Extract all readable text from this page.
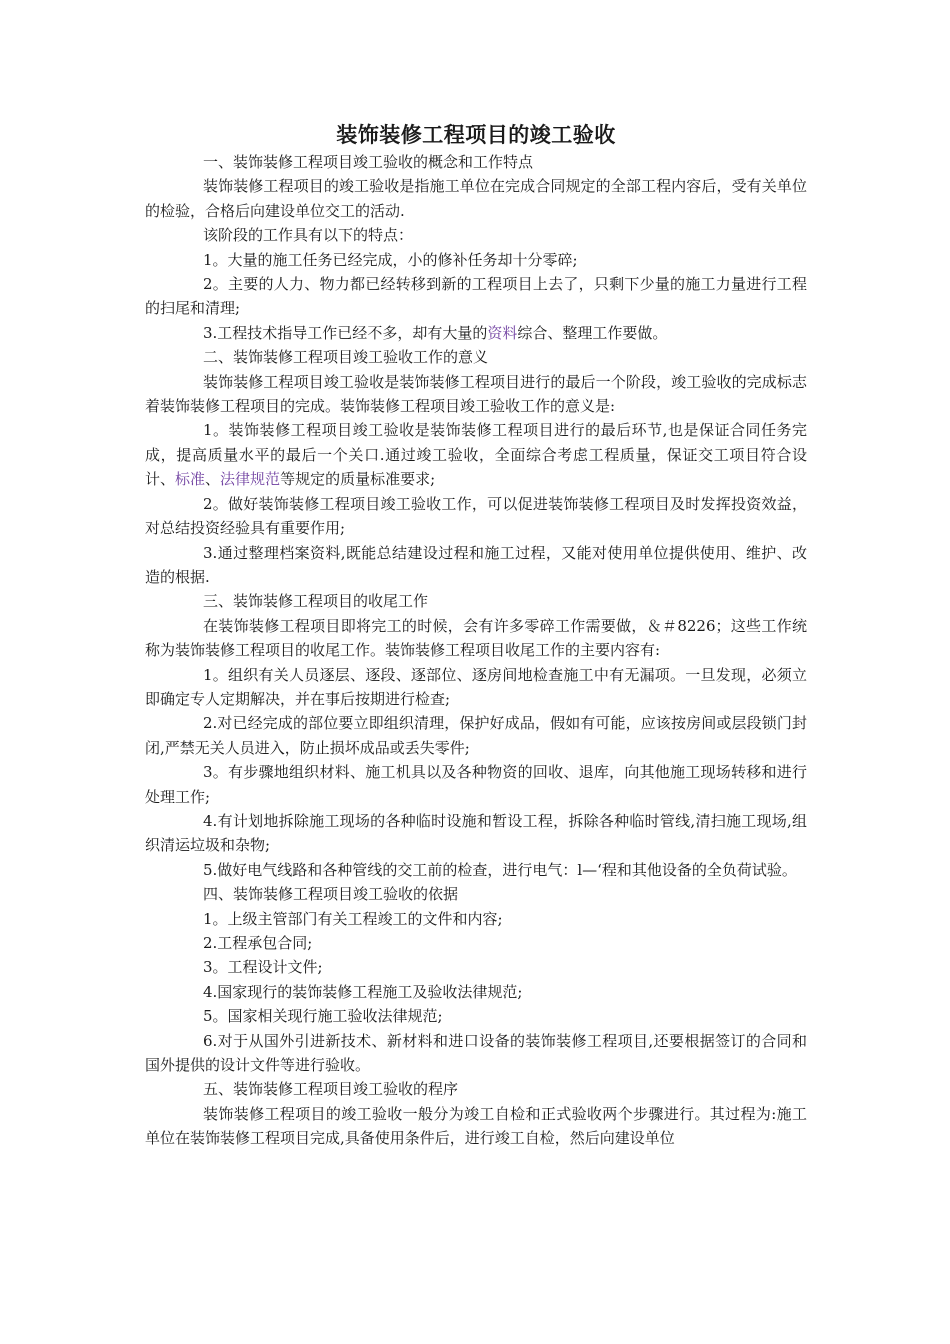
装饰装修工程项目的竣工验收

一、装饰装修工程项目竣工验收的概念和工作特点

装饰装修工程项目的竣工验收是指施工单位在完成合同规定的全部工程内容后，受有关单位的检验，合格后向建设单位交工的活动.

该阶段的工作具有以下的特点：

1。大量的施工任务已经完成，小的修补任务却十分零碎;

2。主要的人力、物力都已经转移到新的工程项目上去了，只剩下少量的施工力量进行工程的扫尾和清理;

3.工程技术指导工作已经不多，却有大量的资料综合、整理工作要做。

二、装饰装修工程项目竣工验收工作的意义

装饰装修工程项目竣工验收是装饰装修工程项目进行的最后一个阶段，竣工验收的完成标志着装饰装修工程项目的完成。装饰装修工程项目竣工验收工作的意义是:

1。装饰装修工程项目竣工验收是装饰装修工程项目进行的最后环节,也是保证合同任务完成，提高质量水平的最后一个关口.通过竣工验收，全面综合考虑工程质量，保证交工项目符合设计、标准、法律规范等规定的质量标准要求;

2。做好装饰装修工程项目竣工验收工作，可以促进装饰装修工程项目及时发挥投资效益，对总结投资经验具有重要作用;

3.通过整理档案资料,既能总结建设过程和施工过程，又能对使用单位提供使用、维护、改造的根据.

三、装饰装修工程项目的收尾工作

在装饰装修工程项目即将完工的时候，会有许多零碎工作需要做，＆＃8226；这些工作统称为装饰装修工程项目的收尾工作。装饰装修工程项目收尾工作的主要内容有:

1。组织有关人员逐层、逐段、逐部位、逐房间地检查施工中有无漏项。一旦发现，必须立即确定专人定期解决，并在事后按期进行检查;

2.对已经完成的部位要立即组织清理，保护好成品，假如有可能，应该按房间或层段锁门封闭,严禁无关人员进入，防止损坏成品或丢失零件;

3。有步骤地组织材料、施工机具以及各种物资的回收、退库，向其他施工现场转移和进行处理工作;

4.有计划地拆除施工现场的各种临时设施和暂设工程，拆除各种临时管线,清扫施工现场,组织清运垃圾和杂物;

5.做好电气线路和各种管线的交工前的检查，进行电气：l—‘程和其他设备的全负荷试验。

四、装饰装修工程项目竣工验收的依据

1。上级主管部门有关工程竣工的文件和内容;

2.工程承包合同;

3。工程设计文件;

4.国家现行的装饰装修工程施工及验收法律规范;

5。国家相关现行施工验收法律规范;

6.对于从国外引进新技术、新材料和进口设备的装饰装修工程项目,还要根据签订的合同和国外提供的设计文件等进行验收。

五、装饰装修工程项目竣工验收的程序

装饰装修工程项目的竣工验收一般分为竣工自检和正式验收两个步骤进行。其过程为:施工单位在装饰装修工程项目完成,具备使用条件后，进行竣工自检，然后向建设单位
